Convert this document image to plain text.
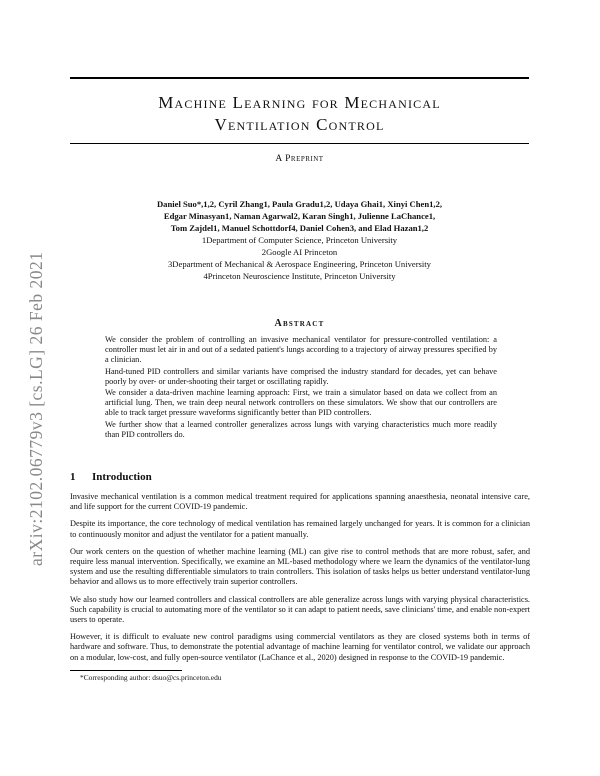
arXiv:2102.06779v3 [cs.LG] 26 Feb 2021
Machine Learning for Mechanical
Ventilation Control
A Preprint
Daniel Suo*,1,2, Cyril Zhang1, Paula Gradu1,2, Udaya Ghai1, Xinyi Chen1,2,
Edgar Minasyan1, Naman Agarwal2, Karan Singh1, Julienne LaChance1,
Tom Zajdel1, Manuel Schottdorf4, Daniel Cohen3, and Elad Hazan1,2
1Department of Computer Science, Princeton University
2Google AI Princeton
3Department of Mechanical & Aerospace Engineering, Princeton University
4Princeton Neuroscience Institute, Princeton University
Abstract

We consider the problem of controlling an invasive mechanical ventilator for pressure-controlled ventilation: a controller must let air in and out of a sedated patient's lungs according to a trajectory of airway pressures specified by a clinician.

Hand-tuned PID controllers and similar variants have comprised the industry standard for decades, yet can behave poorly by over- or under-shooting their target or oscillating rapidly.

We consider a data-driven machine learning approach: First, we train a simulator based on data we collect from an artificial lung. Then, we train deep neural network controllers on these simulators. We show that our controllers are able to track target pressure waveforms significantly better than PID controllers.

We further show that a learned controller generalizes across lungs with varying characteristics much more readily than PID controllers do.

1 Introduction

Invasive mechanical ventilation is a common medical treatment required for applications spanning anaesthesia, neonatal intensive care, and life support for the current COVID-19 pandemic.

Despite its importance, the core technology of medical ventilation has remained largely unchanged for years. It is common for a clinician to continuously monitor and adjust the ventilator for a patient manually.

Our work centers on the question of whether machine learning (ML) can give rise to control methods that are more robust, safer, and require less manual intervention. Specifically, we examine an ML-based methodology where we learn the dynamics of the ventilator-lung system and use the resulting differentiable simulators to train controllers. This isolation of tasks helps us better understand ventilator-lung behavior and allows us to more effectively train superior controllers.

We also study how our learned controllers and classical controllers are able generalize across lungs with varying physical characteristics. Such capability is crucial to automating more of the ventilator so it can adapt to patient needs, save clinicians' time, and enable non-expert users to operate.

However, it is difficult to evaluate new control paradigms using commercial ventilators as they are closed systems both in terms of hardware and software. Thus, to demonstrate the potential advantage of machine learning for ventilator control, we validate our approach on a modular, low-cost, and fully open-source ventilator (LaChance et al., 2020) designed in response to the COVID-19 pandemic.

*Corresponding author: dsuo@cs.princeton.edu
